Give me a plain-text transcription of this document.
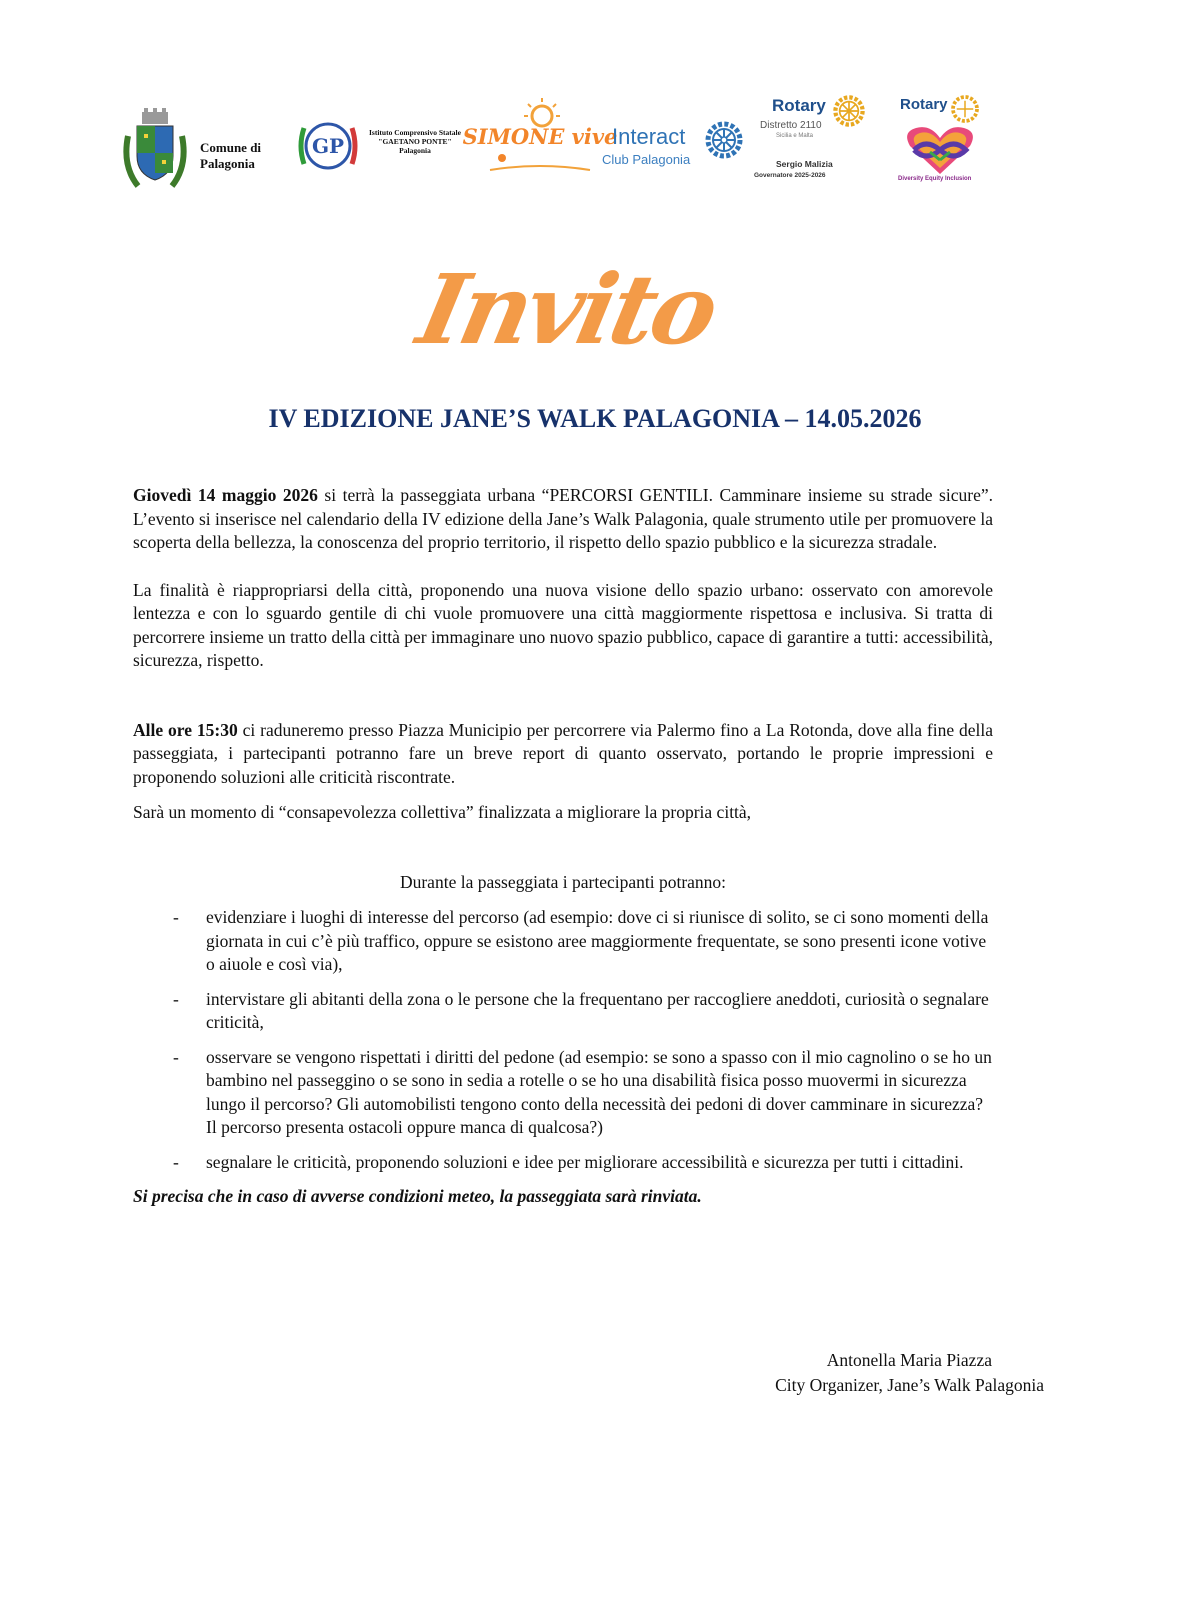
Comune di
Palagonia
GP
Istituto Comprensivo Statale
"GAETANO PONTE"
Palagonia
SIMONE vive
Interact
Club Palagonia
Rotary
Distretto 2110
Sicilia e Malta
Sergio Malizia
Governatore 2025-2026
Rotary
Diversity Equity Inclusion
Invito
IV EDIZIONE JANE’S WALK PALAGONIA – 14.05.2026

Giovedì 14 maggio 2026 si terrà la passeggiata urbana “PERCORSI GENTILI. Camminare insieme su strade sicure”. L’evento si inserisce nel calendario della IV edizione della Jane’s Walk Palagonia, quale strumento utile per promuovere la scoperta della bellezza, la conoscenza del proprio territorio, il rispetto dello spazio pubblico e la sicurezza stradale.

La finalità è riappropriarsi della città, proponendo una nuova visione dello spazio urbano: osservato con amorevole lentezza e con lo sguardo gentile di chi vuole promuovere una città maggiormente rispettosa e inclusiva. Si tratta di percorrere insieme un tratto della città per immaginare uno nuovo spazio pubblico, capace di garantire a tutti: accessibilità, sicurezza, rispetto.

Alle ore 15:30 ci raduneremo presso Piazza Municipio per percorrere via Palermo fino a La Rotonda, dove alla fine della passeggiata, i partecipanti potranno fare un breve report di quanto osservato, portando le proprie impressioni e proponendo soluzioni alle criticità riscontrate.

Sarà un momento di “consapevolezza collettiva” finalizzata a migliorare la propria città,

Durante la passeggiata i partecipanti potranno:

- evidenziare i luoghi di interesse del percorso (ad esempio: dove ci si riunisce di solito, se ci sono momenti della giornata in cui c’è più traffico, oppure se esistono aree maggiormente frequentate, se sono presenti icone votive o aiuole e così via),
- intervistare gli abitanti della zona o le persone che la frequentano per raccogliere aneddoti, curiosità o segnalare criticità,
- osservare se vengono rispettati i diritti del pedone (ad esempio: se sono a spasso con il mio cagnolino o se ho un bambino nel passeggino o se sono in sedia a rotelle o se ho una disabilità fisica posso muovermi in sicurezza lungo il percorso? Gli automobilisti tengono conto della necessità dei pedoni di dover camminare in sicurezza? Il percorso presenta ostacoli oppure manca di qualcosa?)
- segnalare le criticità, proponendo soluzioni e idee per migliorare accessibilità e sicurezza per tutti i cittadini.

Si precisa che in caso di avverse condizioni meteo, la passeggiata sarà rinviata.

Antonella Maria Piazza
City Organizer, Jane’s Walk Palagonia
